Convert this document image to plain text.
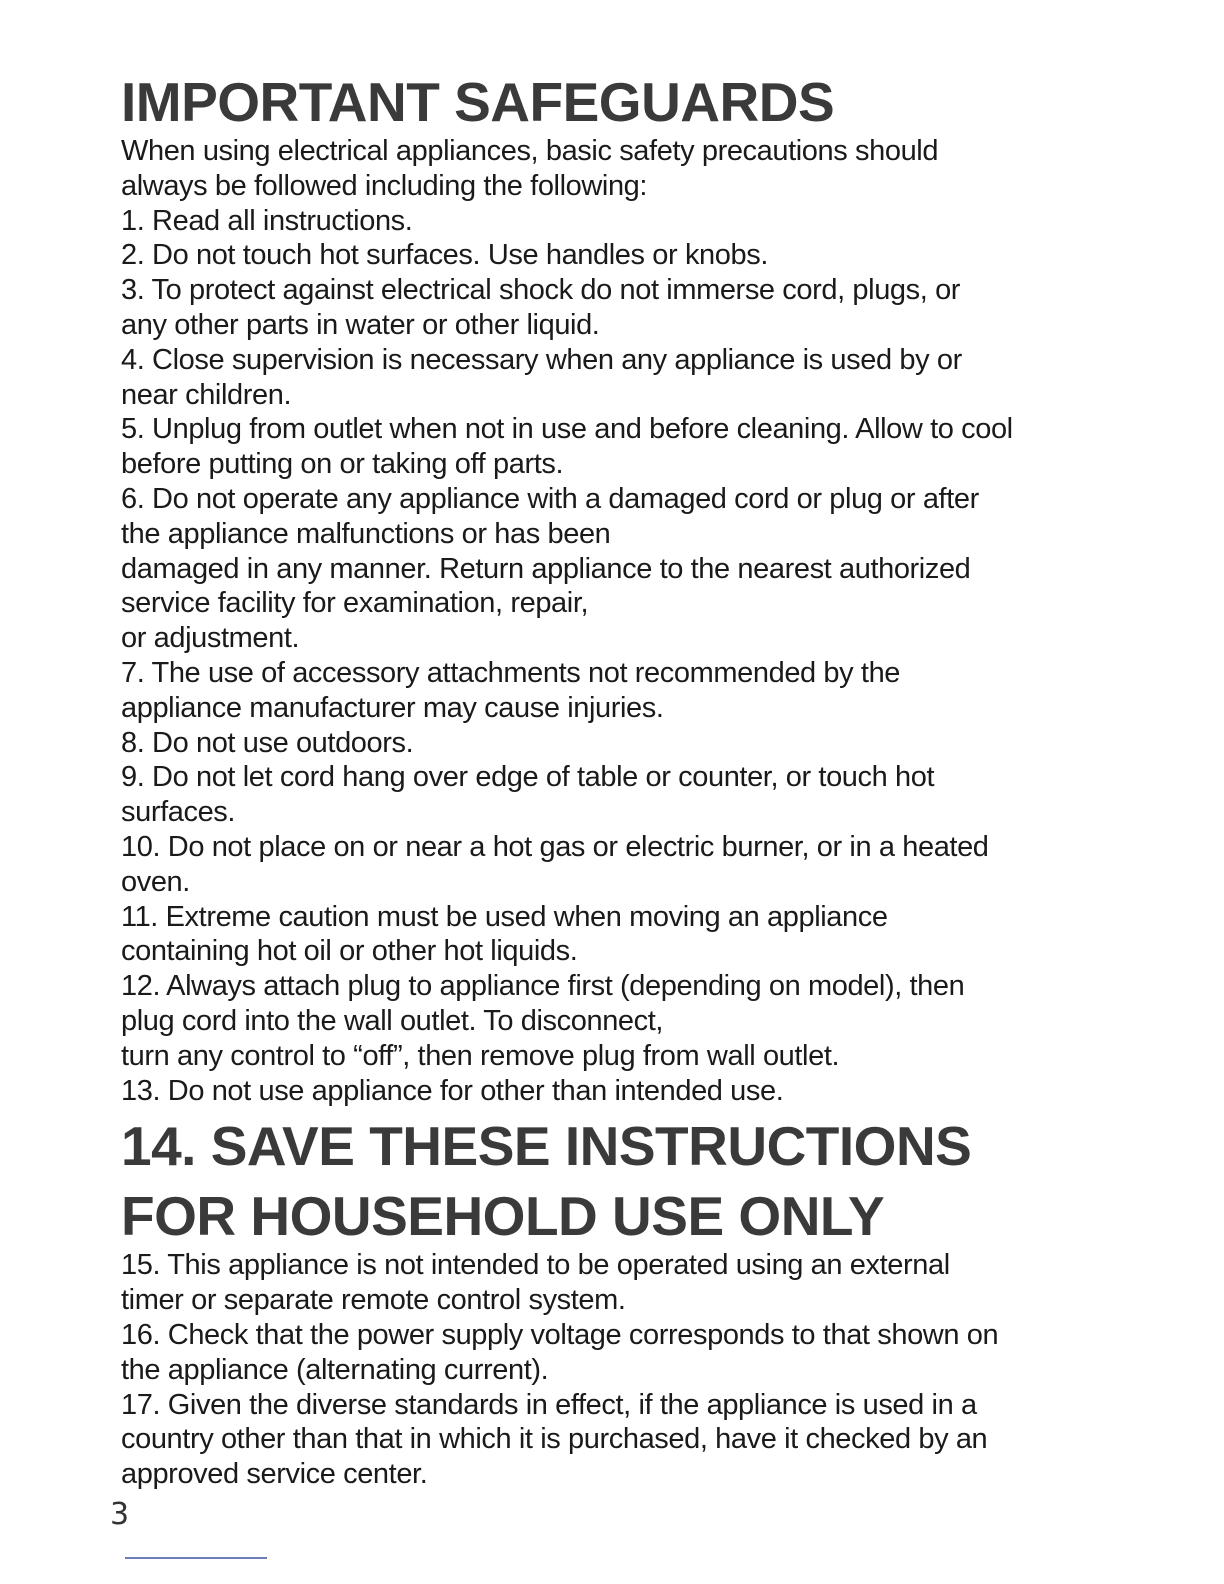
IMPORTANT SAFEGUARDS

When using electrical appliances, basic safety precautions should
always be followed including the following:

1. Read all instructions.

2. Do not touch hot surfaces. Use handles or knobs.

3. To protect against electrical shock do not immerse cord, plugs, or
any other parts in water or other liquid.

4. Close supervision is necessary when any appliance is used by or
near children.

5. Unplug from outlet when not in use and before cleaning. Allow to cool
before putting on or taking off parts.

6. Do not operate any appliance with a damaged cord or plug or after
the appliance malfunctions or has been
damaged in any manner. Return appliance to the nearest authorized
service facility for examination, repair,
or adjustment.

7. The use of accessory attachments not recommended by the
appliance manufacturer may cause injuries.

8. Do not use outdoors.

9. Do not let cord hang over edge of table or counter, or touch hot
surfaces.

10. Do not place on or near a hot gas or electric burner, or in a heated
oven.

11. Extreme caution must be used when moving an appliance
containing hot oil or other hot liquids.

12. Always attach plug to appliance first (depending on model), then
plug cord into the wall outlet. To disconnect,
turn any control to “off”, then remove plug from wall outlet.

13. Do not use appliance for other than intended use.

14. SAVE THESE INSTRUCTIONS
FOR HOUSEHOLD USE ONLY

15. This appliance is not intended to be operated using an external
timer or separate remote control system.

16. Check that the power supply voltage corresponds to that shown on
the appliance (alternating current).

17. Given the diverse standards in effect, if the appliance is used in a
country other than that in which it is purchased, have it checked by an
approved service center.

3
